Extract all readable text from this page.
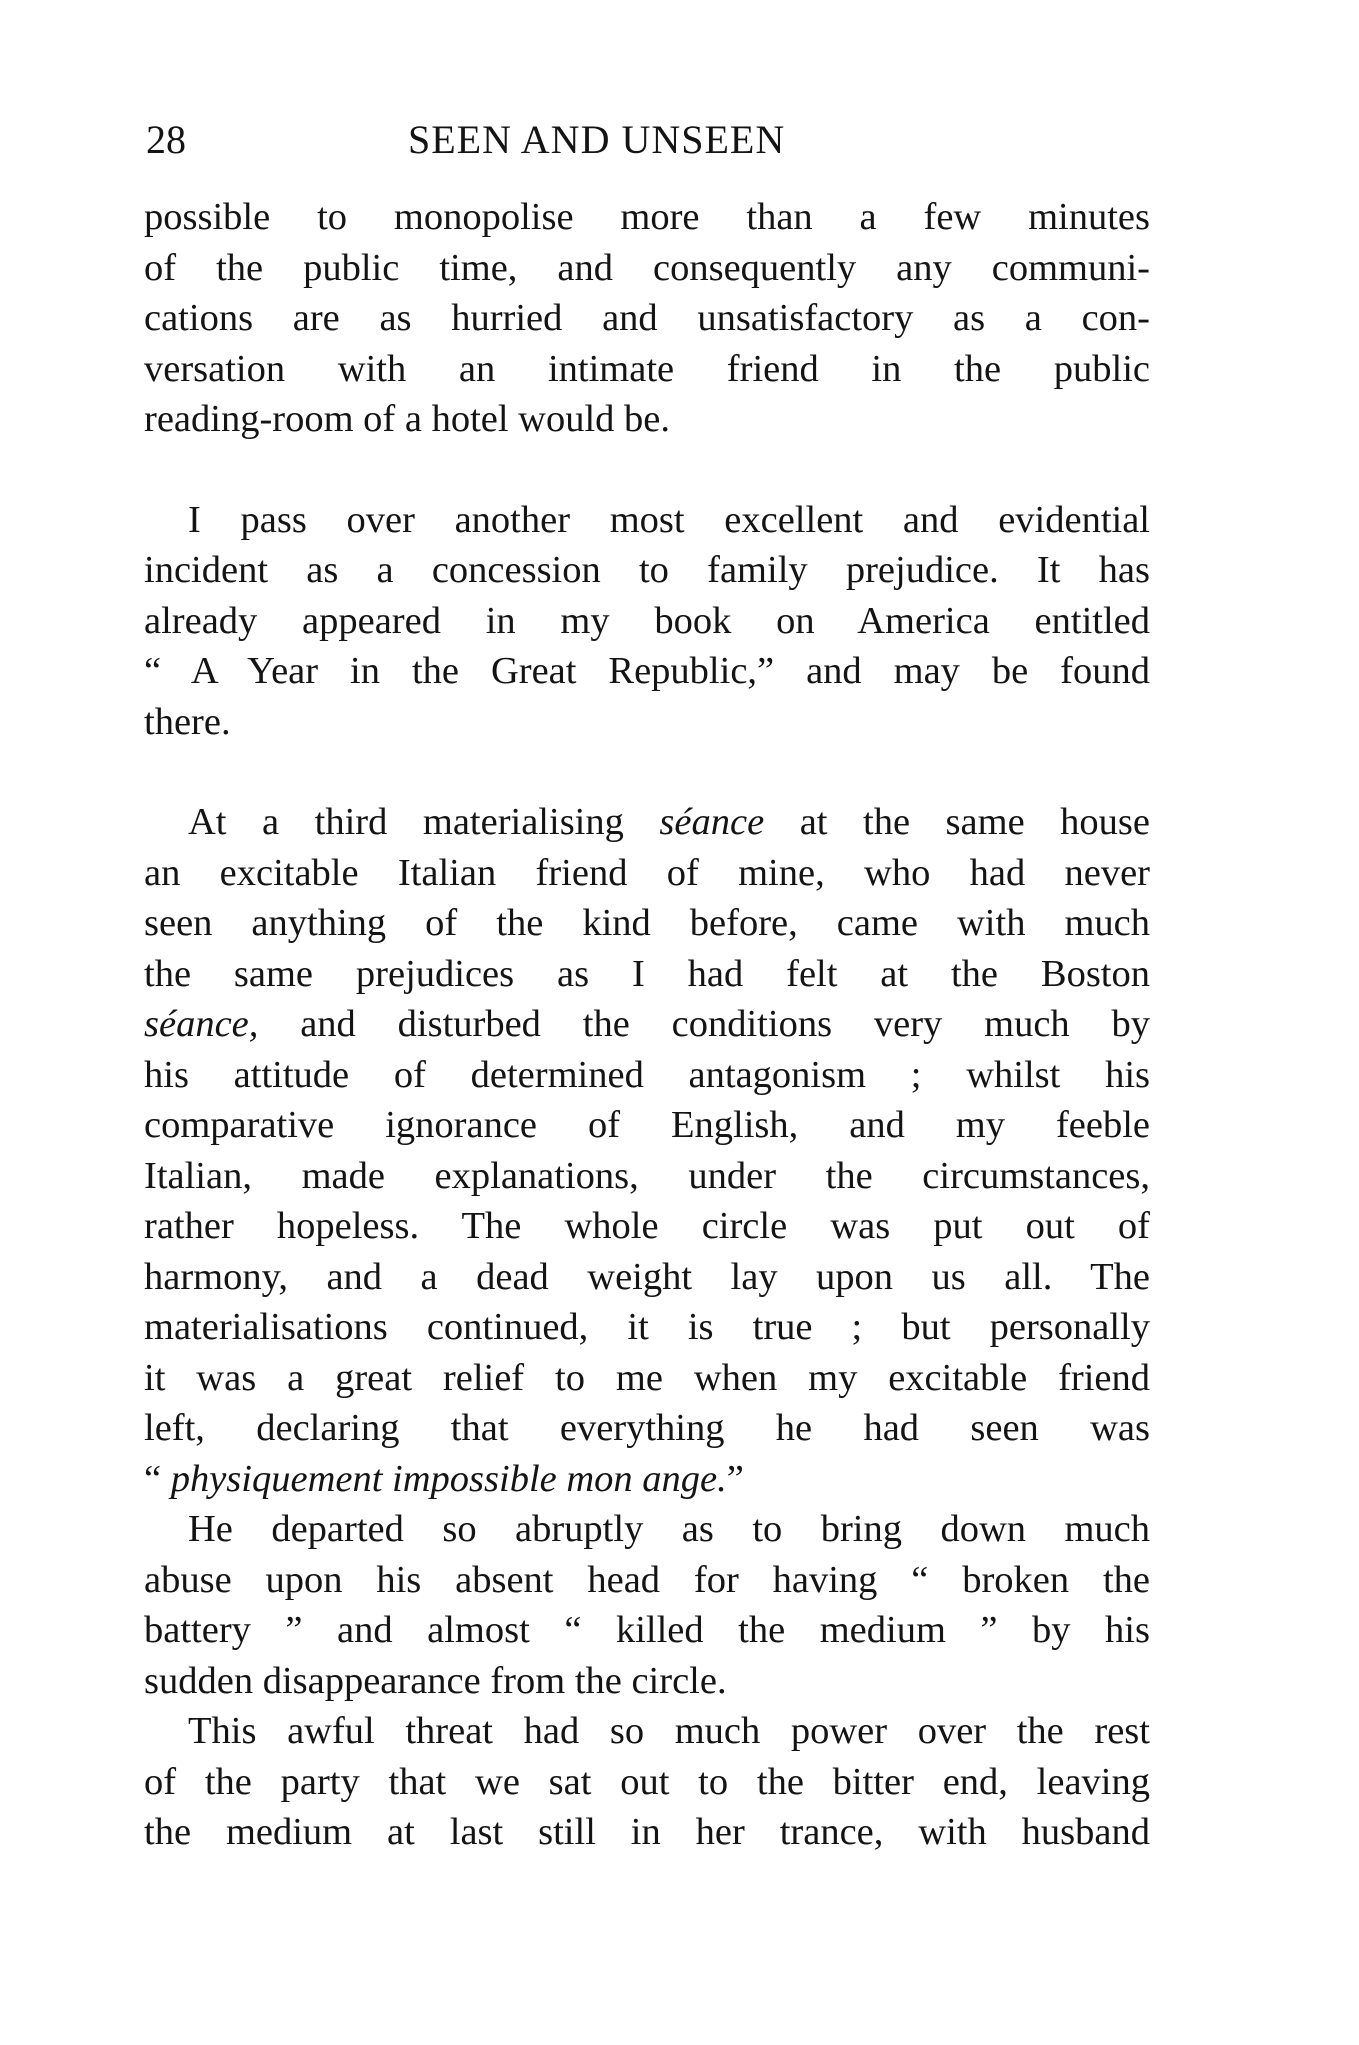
28	SEEN AND UNSEEN

possible to monopolise more than a few minutes
of the public time, and consequently any communi-
cations are as hurried and unsatisfactory as a con-
versation with an intimate friend in the public
reading-room of a hotel would be.

I pass over another most excellent and evidential
incident as a concession to family prejudice. It has
already appeared in my book on America entitled
“ A Year in the Great Republic,” and may be found
there.

At a third materialising séance at the same house
an excitable Italian friend of mine, who had never
seen anything of the kind before, came with much
the same prejudices as I had felt at the Boston
séance, and disturbed the conditions very much by
his attitude of determined antagonism ; whilst his
comparative ignorance of English, and my feeble
Italian, made explanations, under the circumstances,
rather hopeless. The whole circle was put out of
harmony, and a dead weight lay upon us all. The
materialisations continued, it is true ; but personally
it was a great relief to me when my excitable friend
left, declaring that everything he had seen was
“ physiquement impossible mon ange.”

He departed so abruptly as to bring down much
abuse upon his absent head for having “ broken the
battery ” and almost “ killed the medium ” by his
sudden disappearance from the circle.

This awful threat had so much power over the rest
of the party that we sat out to the bitter end, leaving
the medium at last still in her trance, with husband
